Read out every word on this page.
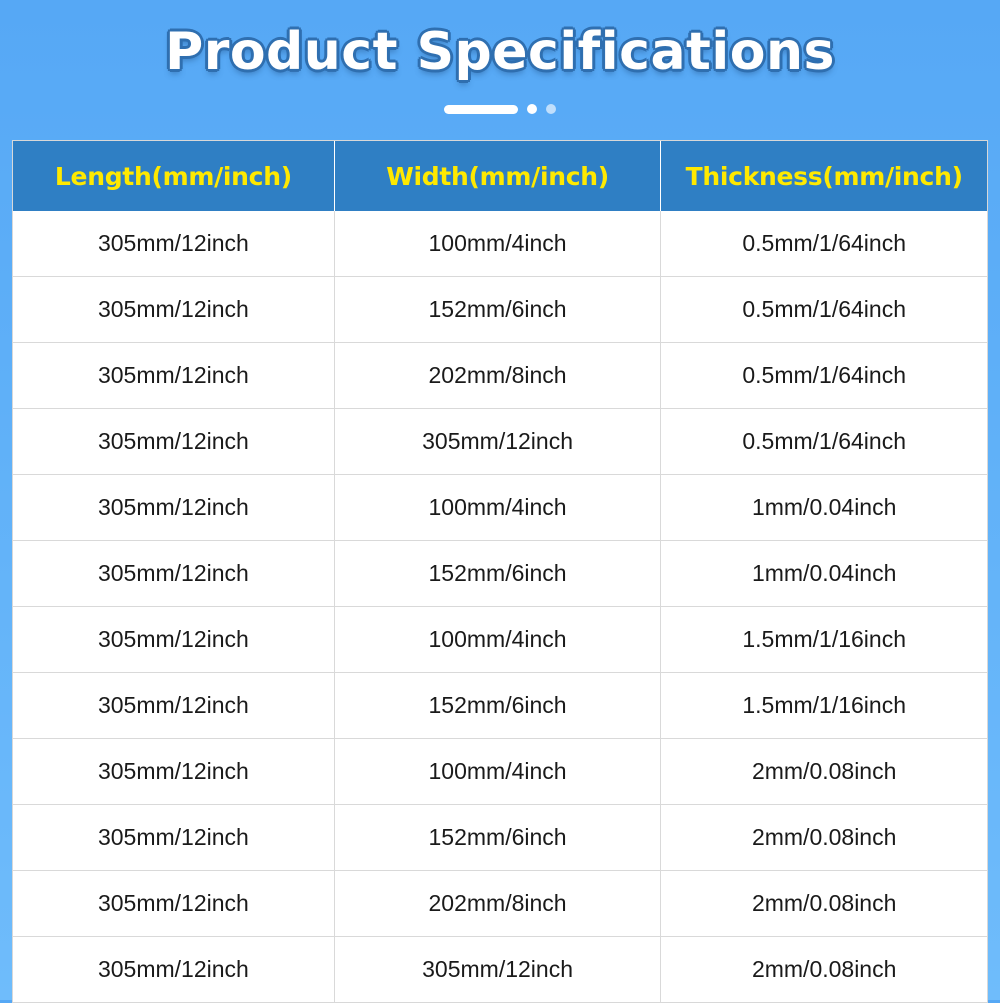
Product Specifications
Length(mm/inch)	Width(mm/inch)	Thickness(mm/inch)
305mm/12inch	100mm/4inch	0.5mm/1/64inch
305mm/12inch	152mm/6inch	0.5mm/1/64inch
305mm/12inch	202mm/8inch	0.5mm/1/64inch
305mm/12inch	305mm/12inch	0.5mm/1/64inch
305mm/12inch	100mm/4inch	1mm/0.04inch
305mm/12inch	152mm/6inch	1mm/0.04inch
305mm/12inch	100mm/4inch	1.5mm/1/16inch
305mm/12inch	152mm/6inch	1.5mm/1/16inch
305mm/12inch	100mm/4inch	2mm/0.08inch
305mm/12inch	152mm/6inch	2mm/0.08inch
305mm/12inch	202mm/8inch	2mm/0.08inch
305mm/12inch	305mm/12inch	2mm/0.08inch
